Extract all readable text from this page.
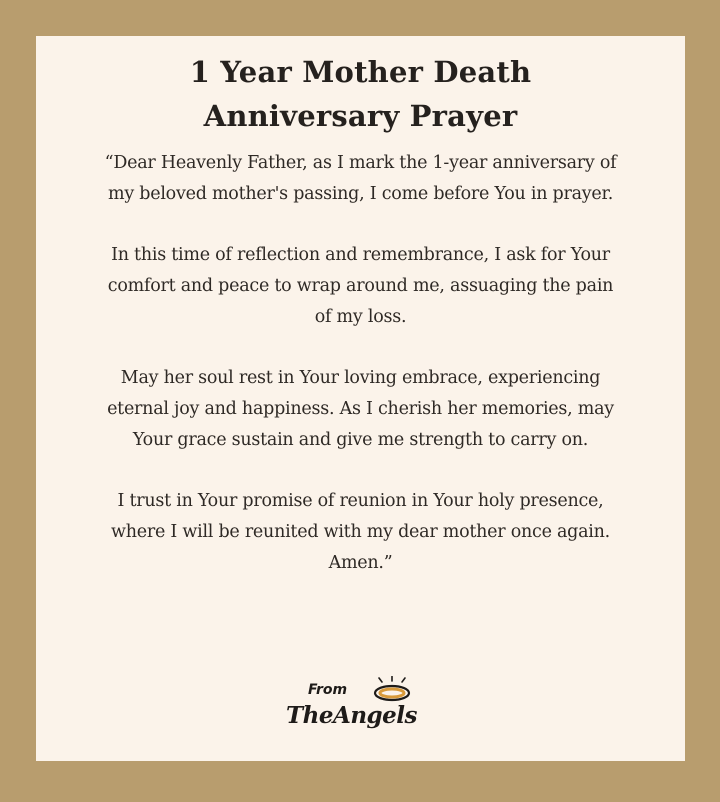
1 Year Mother Death
Anniversary Prayer

“Dear Heavenly Father, as I mark the 1-year anniversary of
my beloved mother's passing, I come before You in prayer.

In this time of reflection and remembrance, I ask for Your
comfort and peace to wrap around me, assuaging the pain
of my loss.

May her soul rest in Your loving embrace, experiencing
eternal joy and happiness. As I cherish her memories, may
Your grace sustain and give me strength to carry on.

I trust in Your promise of reunion in Your holy presence,
where I will be reunited with my dear mother once again.
Amen.”

From
TheAngels
